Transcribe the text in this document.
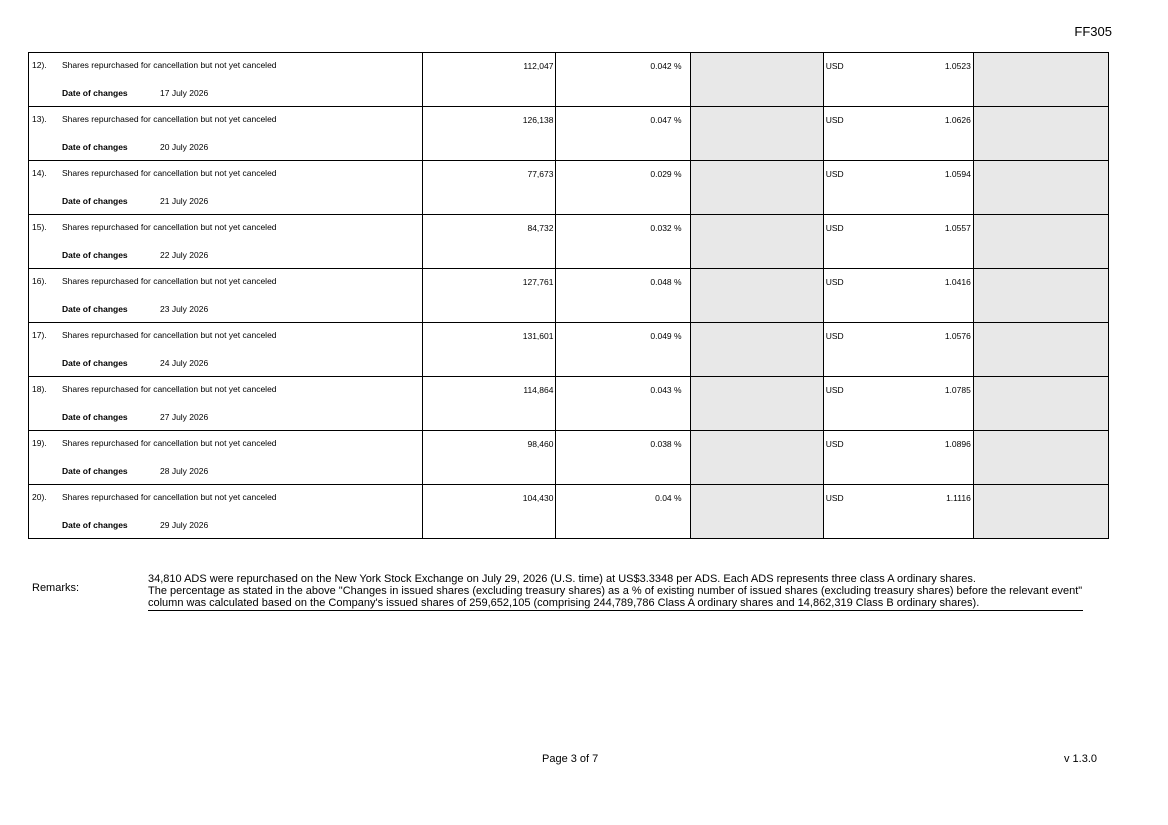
FF305
12). Shares repurchased for cancellation but not yet canceled
Date of changes 17 July 2026	112,047	0.042 %		USD 1.0523	

13). Shares repurchased for cancellation but not yet canceled
Date of changes 20 July 2026	126,138	0.047 %		USD 1.0626	

14). Shares repurchased for cancellation but not yet canceled
Date of changes 21 July 2026	77,673	0.029 %		USD 1.0594	

15). Shares repurchased for cancellation but not yet canceled
Date of changes 22 July 2026	84,732	0.032 %		USD 1.0557	

16). Shares repurchased for cancellation but not yet canceled
Date of changes 23 July 2026	127,761	0.048 %		USD 1.0416	

17). Shares repurchased for cancellation but not yet canceled
Date of changes 24 July 2026	131,601	0.049 %		USD 1.0576	

18). Shares repurchased for cancellation but not yet canceled
Date of changes 27 July 2026	114,864	0.043 %		USD 1.0785	

19). Shares repurchased for cancellation but not yet canceled
Date of changes 28 July 2026	98,460	0.038 %		USD 1.0896	

20). Shares repurchased for cancellation but not yet canceled
Date of changes 29 July 2026	104,430	0.04 %		USD 1.1116	

Remarks:

34,810 ADS were repurchased on the New York Stock Exchange on July 29, 2026 (U.S. time) at US$3.3348 per ADS. Each ADS represents three class A ordinary shares.

The percentage as stated in the above "Changes in issued shares (excluding treasury shares) as a % of existing number of issued shares (excluding treasury shares) before the relevant event" column was calculated based on the Company's issued shares of 259,652,105 (comprising 244,789,786 Class A ordinary shares and 14,862,319 Class B ordinary shares).

Page 3 of 7	v 1.3.0
